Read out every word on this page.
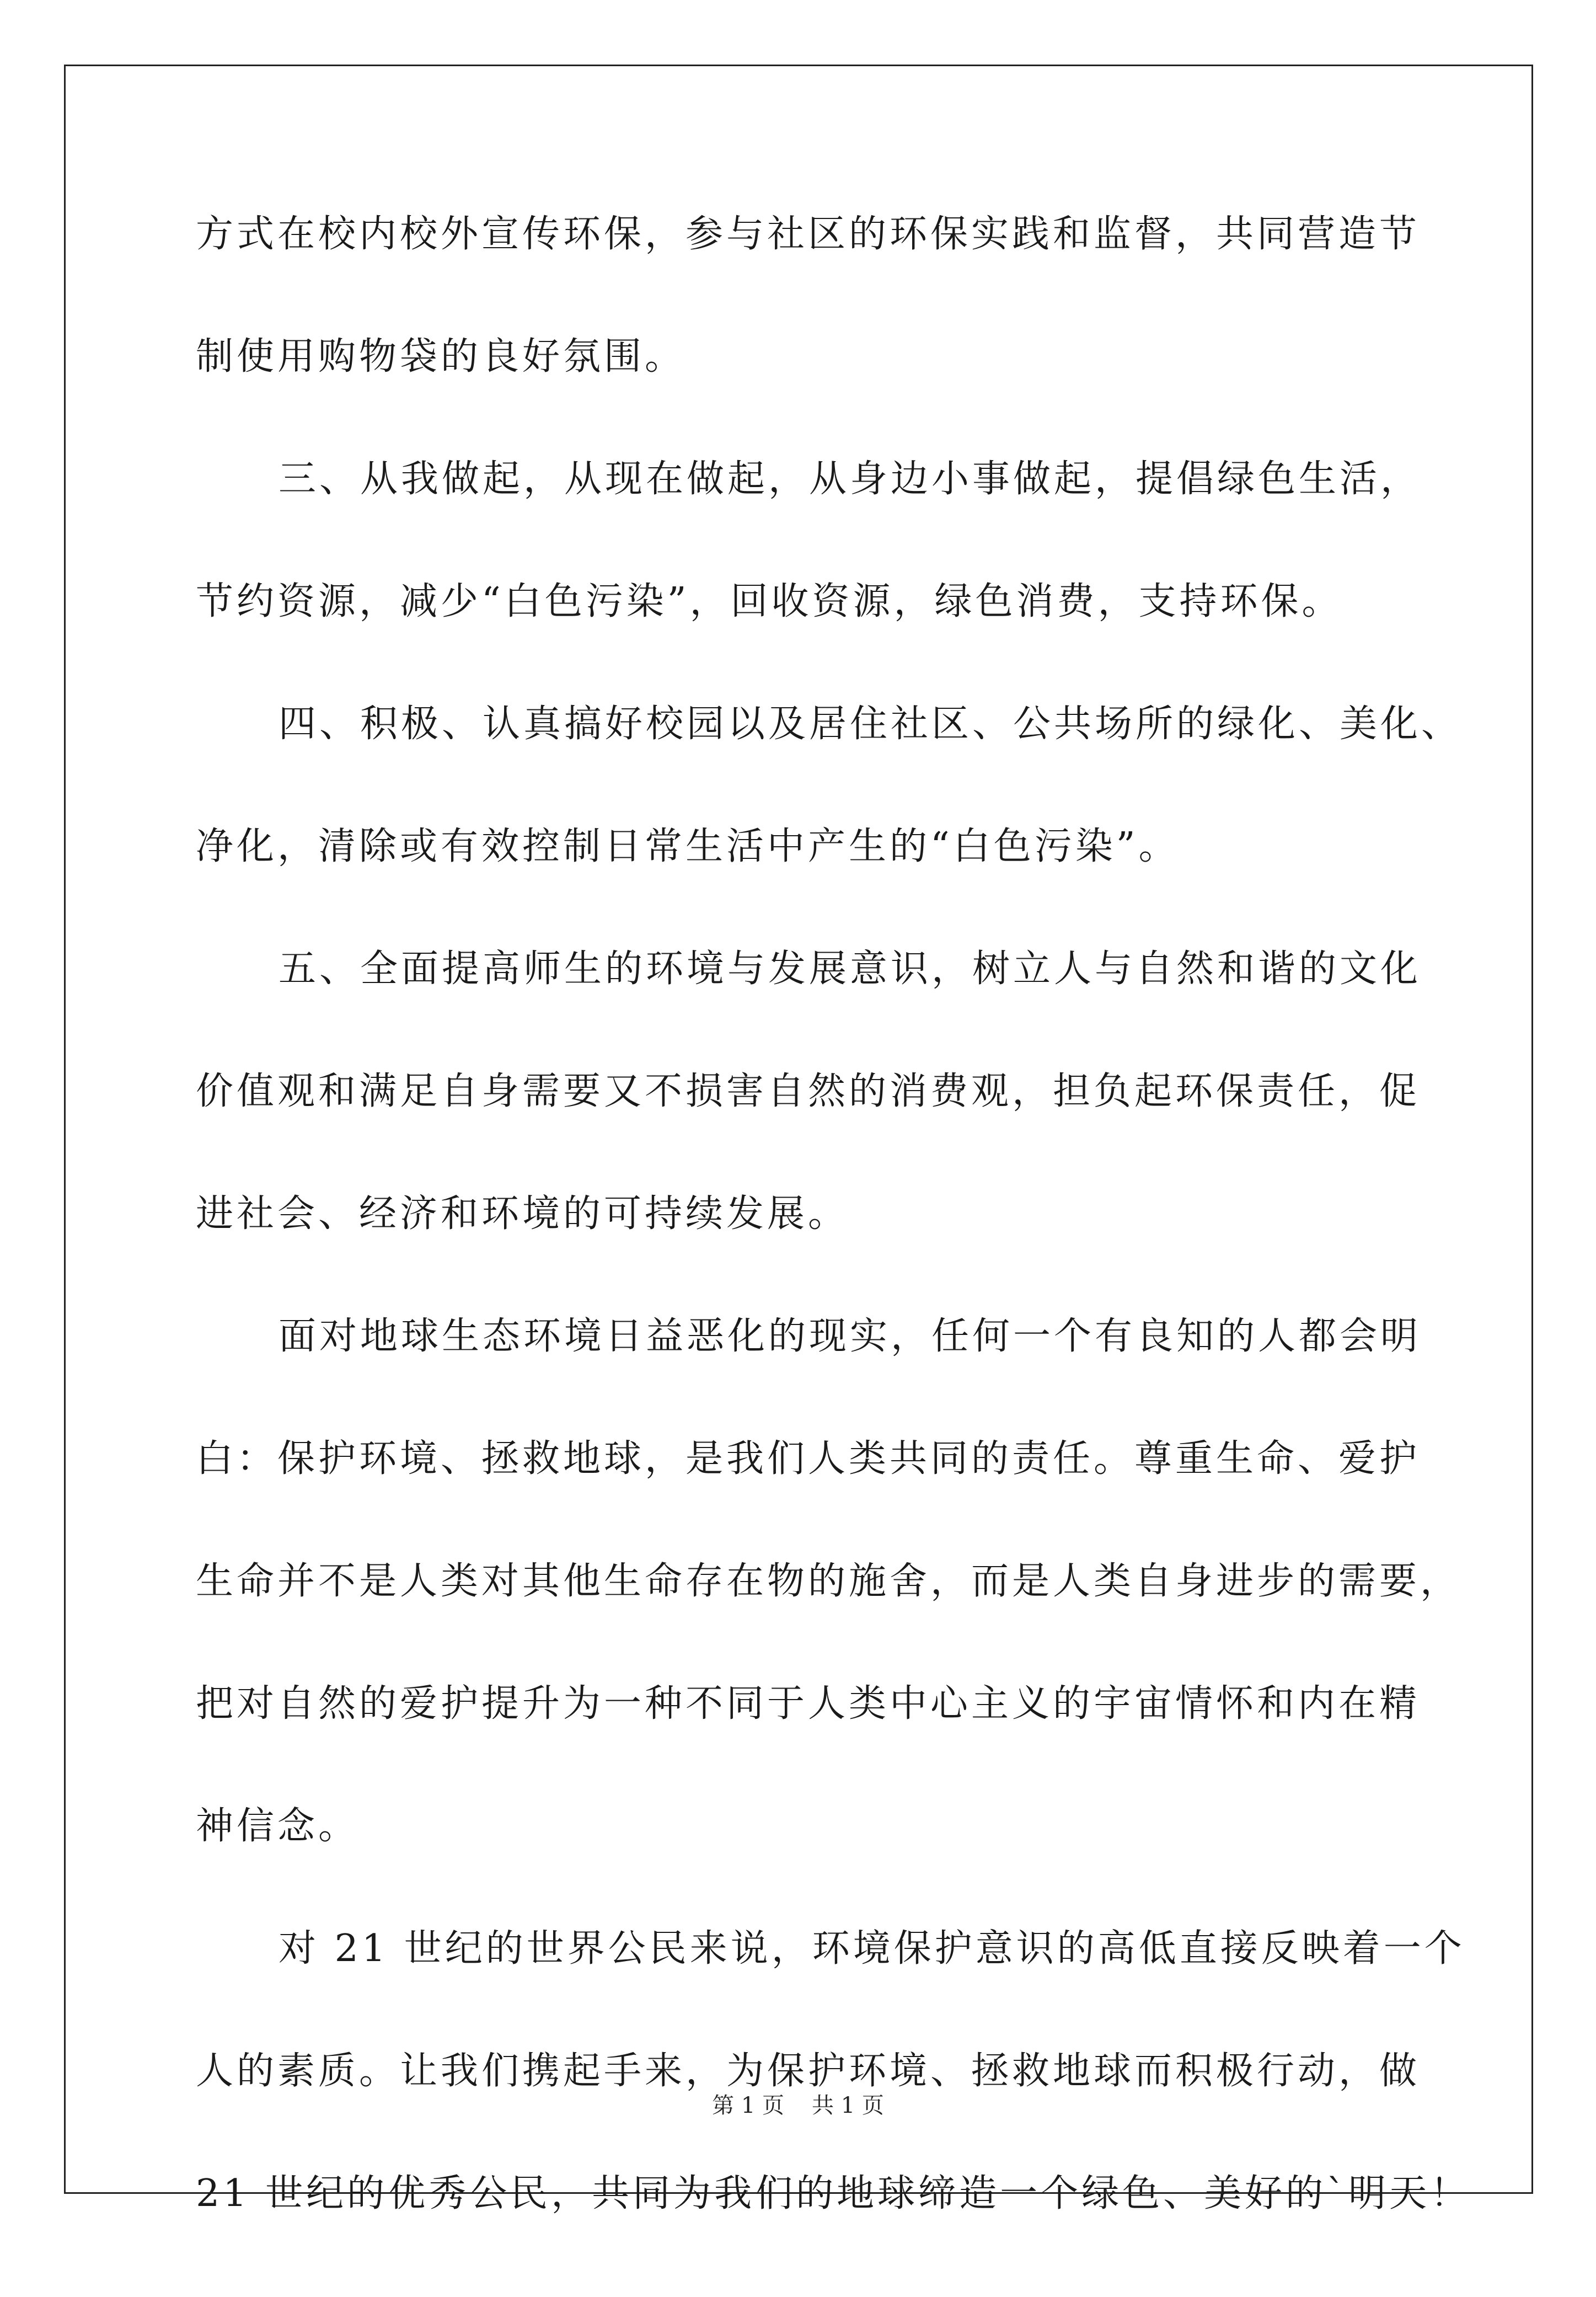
方式在校内校外宣传环保，参与社区的环保实践和监督，共同营造节
制使用购物袋的良好氛围。
三、从我做起，从现在做起，从身边小事做起，提倡绿色生活，
节约资源，减少“白色污染”，回收资源，绿色消费，支持环保。
四、积极、认真搞好校园以及居住社区、公共场所的绿化、美化、
净化，清除或有效控制日常生活中产生的“白色污染”。
五、全面提高师生的环境与发展意识，树立人与自然和谐的文化
价值观和满足自身需要又不损害自然的消费观，担负起环保责任，促
进社会、经济和环境的可持续发展。
面对地球生态环境日益恶化的现实，任何一个有良知的人都会明
白：保护环境、拯救地球，是我们人类共同的责任。尊重生命、爱护
生命并不是人类对其他生命存在物的施舍，而是人类自身进步的需要，
把对自然的爱护提升为一种不同于人类中心主义的宇宙情怀和内在精
神信念。
对 21 世纪的世界公民来说，环境保护意识的高低直接反映着一个
人的素质。让我们携起手来，为保护环境、拯救地球而积极行动，做
21 世纪的优秀公民，共同为我们的地球缔造一个绿色、美好的`明天！
第 1 页 共 1 页
